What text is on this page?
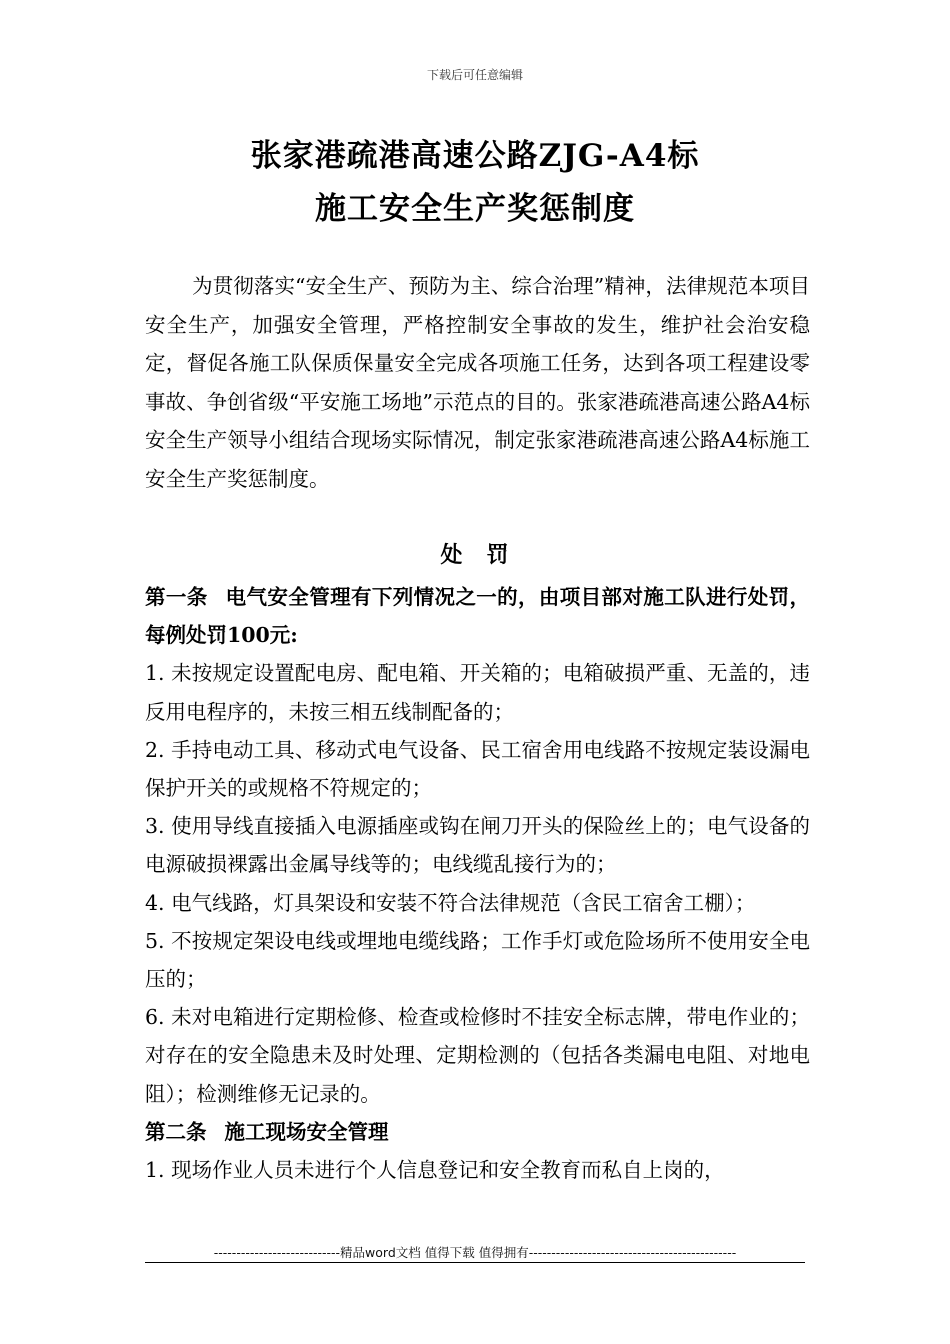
下载后可任意编辑
张家港疏港高速公路ZJG-A4标
施工安全生产奖惩制度

为贯彻落实“安全生产、预防为主、综合治理”精神，法律规范本项目安全生产，加强安全管理，严格控制安全事故的发生，维护社会治安稳定，督促各施工队保质保量安全完成各项施工任务，达到各项工程建设零事故、争创省级“平安施工场地”示范点的目的。张家港疏港高速公路A4标安全生产领导小组结合现场实际情况，制定张家港疏港高速公路A4标施工安全生产奖惩制度。

处　罚

第一条 电气安全管理有下列情况之一的，由项目部对施工队进行处罚，每例处罚100元:

1. 未按规定设置配电房、配电箱、开关箱的；电箱破损严重、无盖的，违反用电程序的，未按三相五线制配备的；

2. 手持电动工具、移动式电气设备、民工宿舍用电线路不按规定装设漏电保护开关的或规格不符规定的；

3. 使用导线直接插入电源插座或钩在闸刀开头的保险丝上的；电气设备的电源破损裸露出金属导线等的；电线缆乱接行为的；

4. 电气线路，灯具架设和安装不符合法律规范（含民工宿舍工棚）；

5. 不按规定架设电线或埋地电缆线路；工作手灯或危险场所不使用安全电压的；

6. 未对电箱进行定期检修、检查或检修时不挂安全标志牌，带电作业的；对存在的安全隐患未及时处理、定期检测的（包括各类漏电电阻、对地电阻）；检测维修无记录的。

第二条 施工现场安全管理

1. 现场作业人员未进行个人信息登记和安全教育而私自上岗的，

----------------------------精品word文档 值得下载 值得拥有----------------------------------------------
